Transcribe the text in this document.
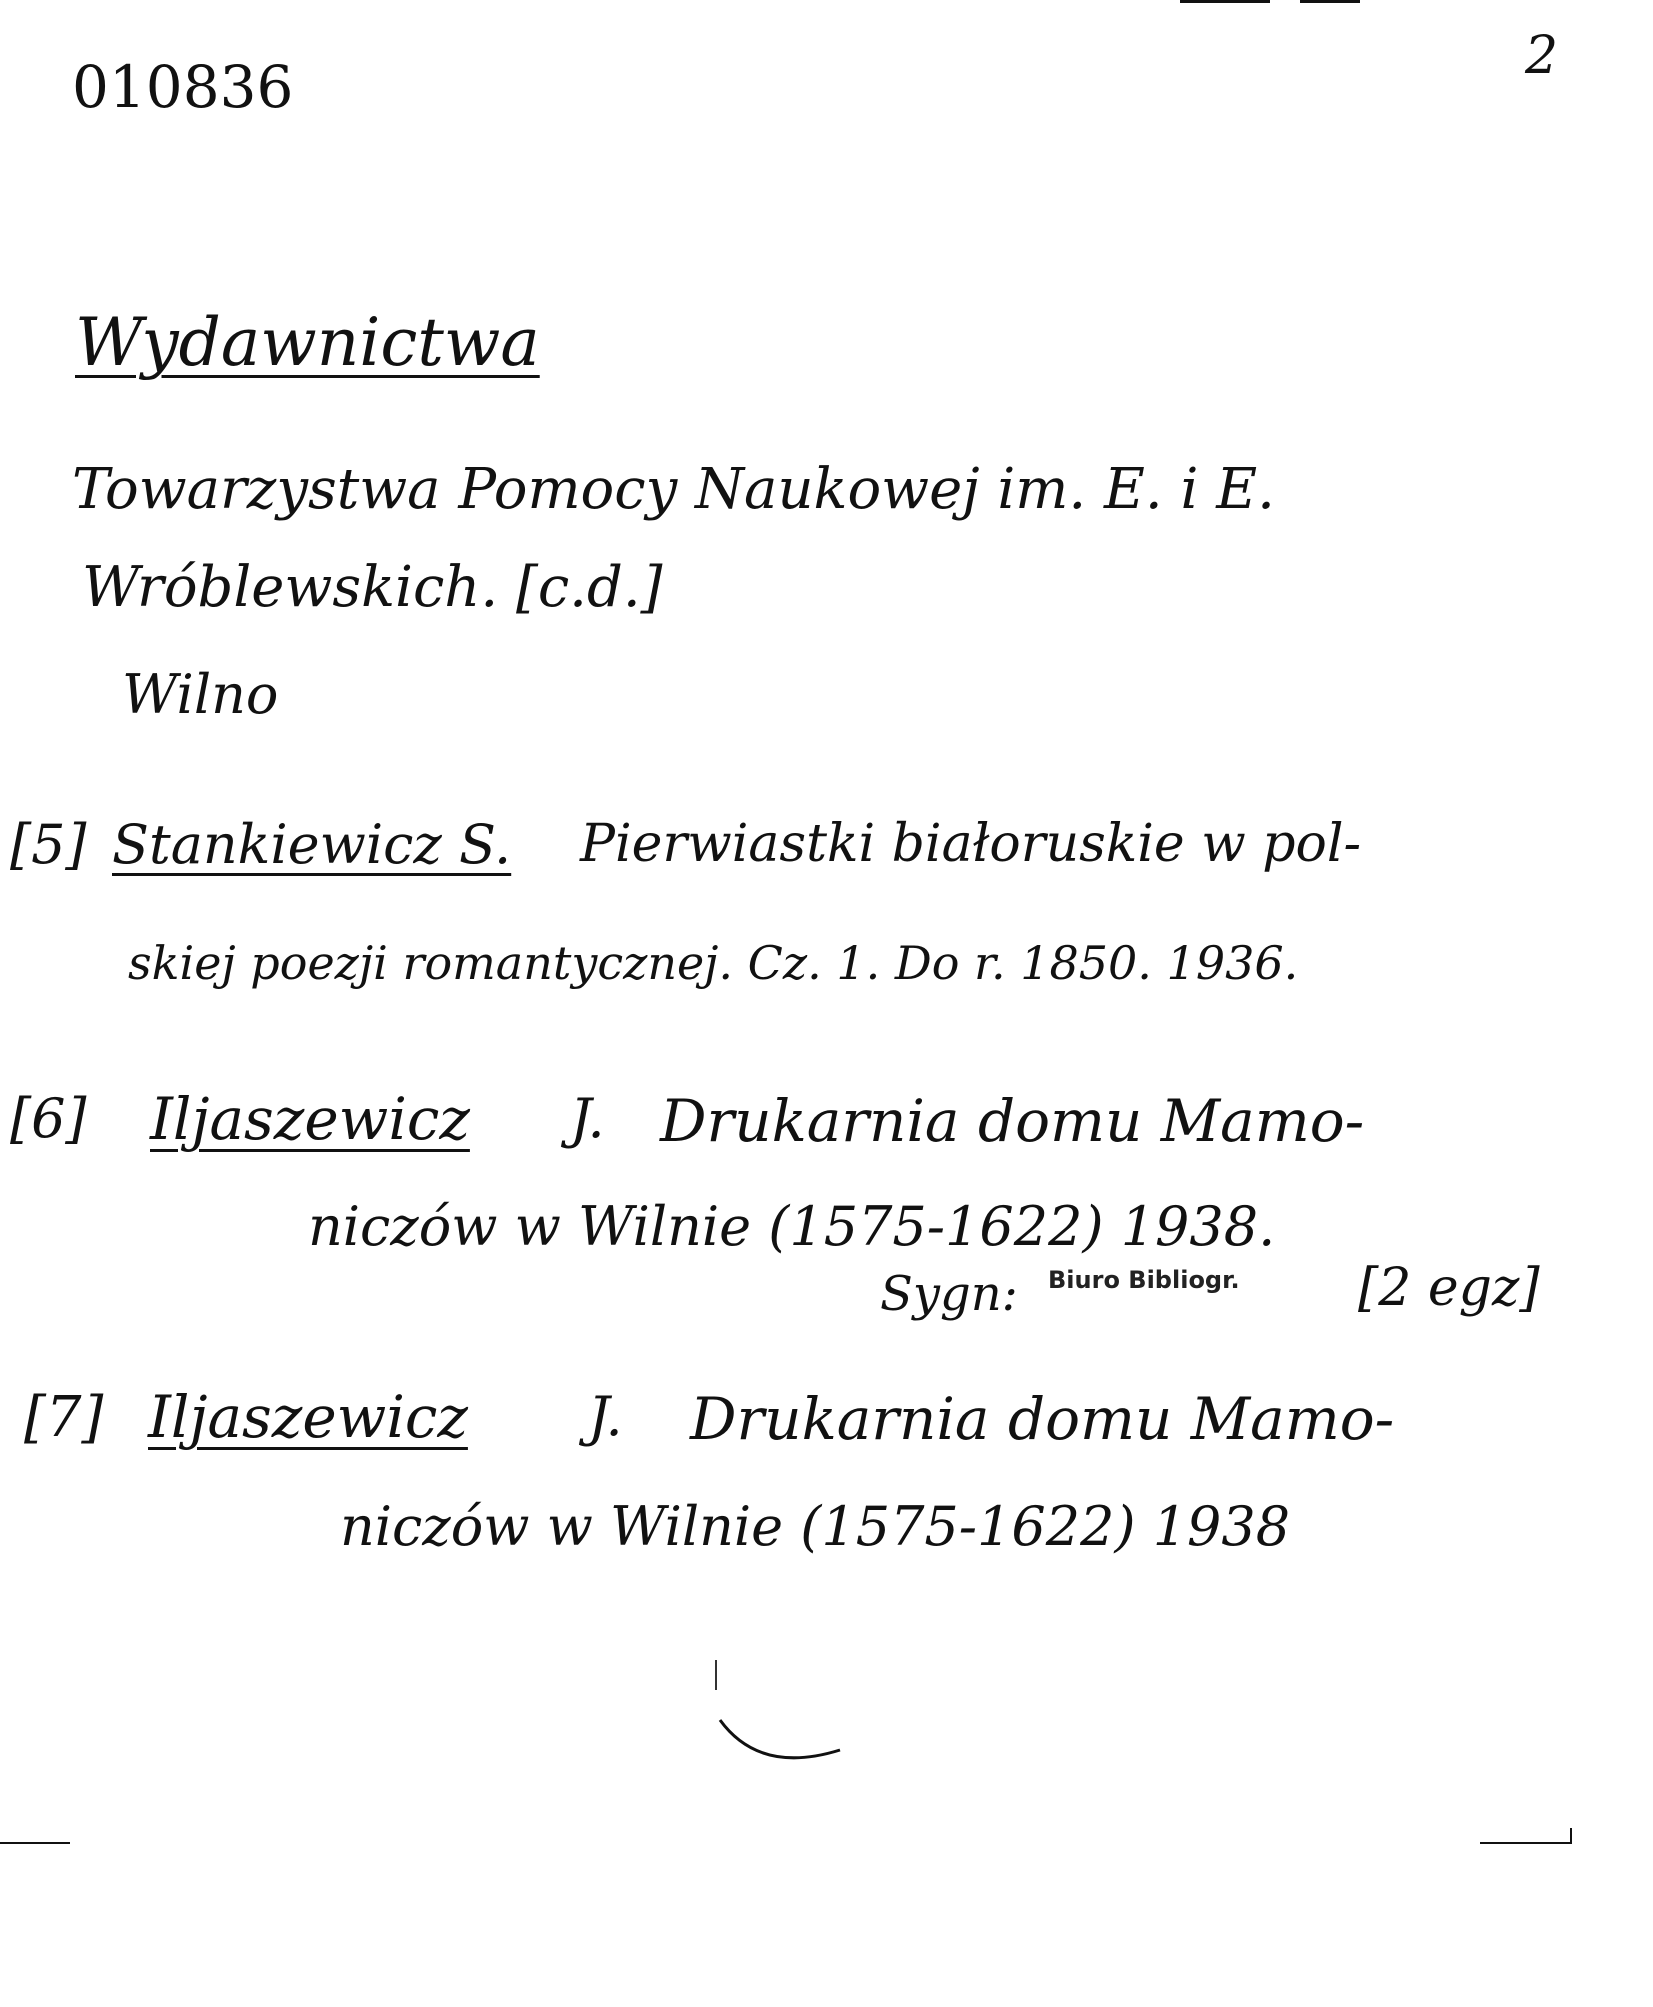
010836	2
Wydawnictwa
Towarzystwa Pomocy Naukowej im. E. i E.
Wróblewskich. [c.d.]
Wilno
[5] Stankiewicz S. Pierwiastki białoruskie w pol-
skiej poezji romantycznej. Cz. 1. Do r. 1850. 1936.
[6] Iljaszewicz J. Drukarnia domu Mamo-
niczów w Wilnie (1575-1622) 1938.
Sygn: Biuro Bibliogr. [2 egz]
[7] Iljaszewicz J. Drukarnia domu Mamo-
niczów w Wilnie (1575-1622) 1938
